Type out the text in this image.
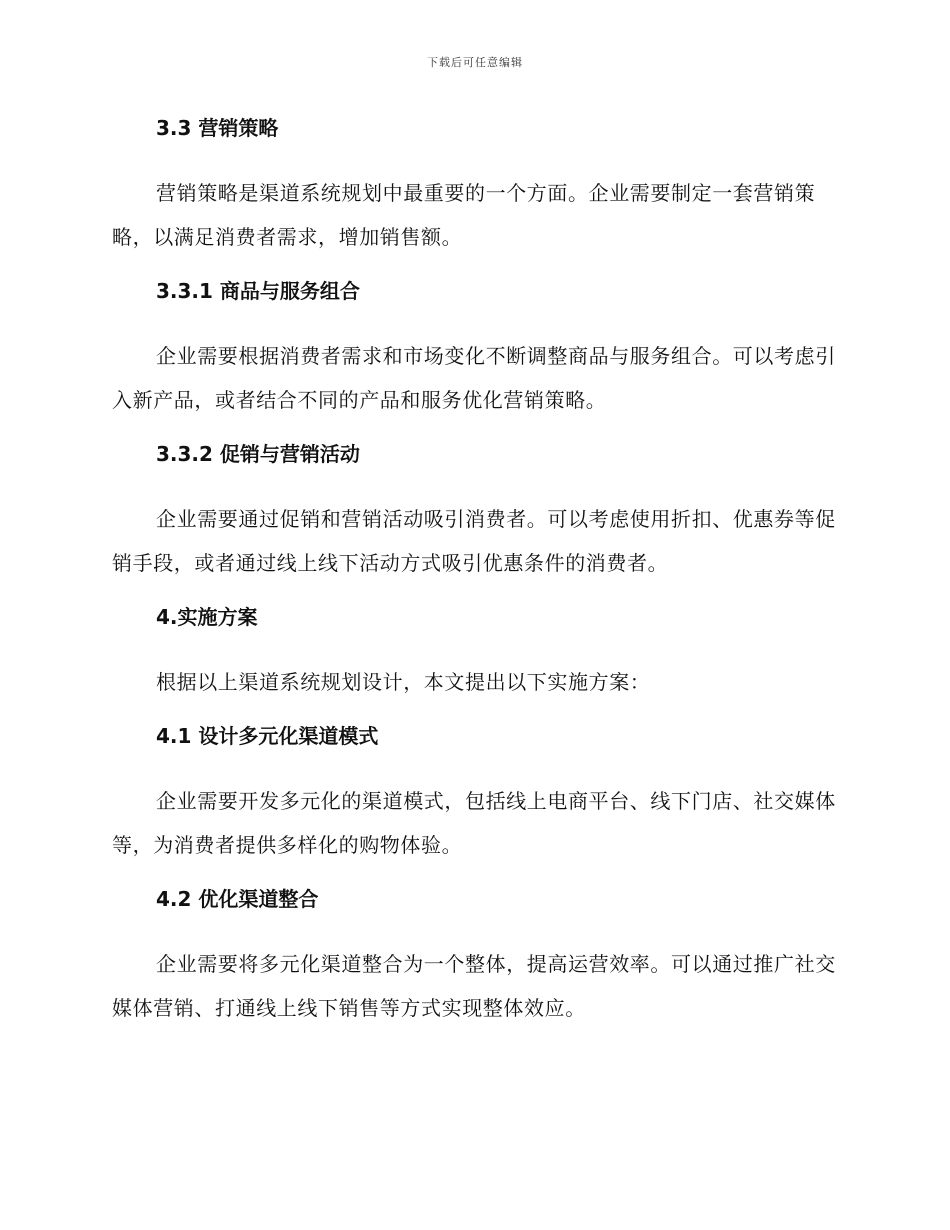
下载后可任意编辑
3.3 营销策略

营销策略是渠道系统规划中最重要的一个方面。企业需要制定一套营销策略，以满足消费者需求，增加销售额。

3.3.1 商品与服务组合

企业需要根据消费者需求和市场变化不断调整商品与服务组合。可以考虑引入新产品，或者结合不同的产品和服务优化营销策略。

3.3.2 促销与营销活动

企业需要通过促销和营销活动吸引消费者。可以考虑使用折扣、优惠券等促销手段，或者通过线上线下活动方式吸引优惠条件的消费者。

4.实施方案

根据以上渠道系统规划设计，本文提出以下实施方案：

4.1 设计多元化渠道模式

企业需要开发多元化的渠道模式，包括线上电商平台、线下门店、社交媒体等，为消费者提供多样化的购物体验。

4.2 优化渠道整合

企业需要将多元化渠道整合为一个整体，提高运营效率。可以通过推广社交媒体营销、打通线上线下销售等方式实现整体效应。
